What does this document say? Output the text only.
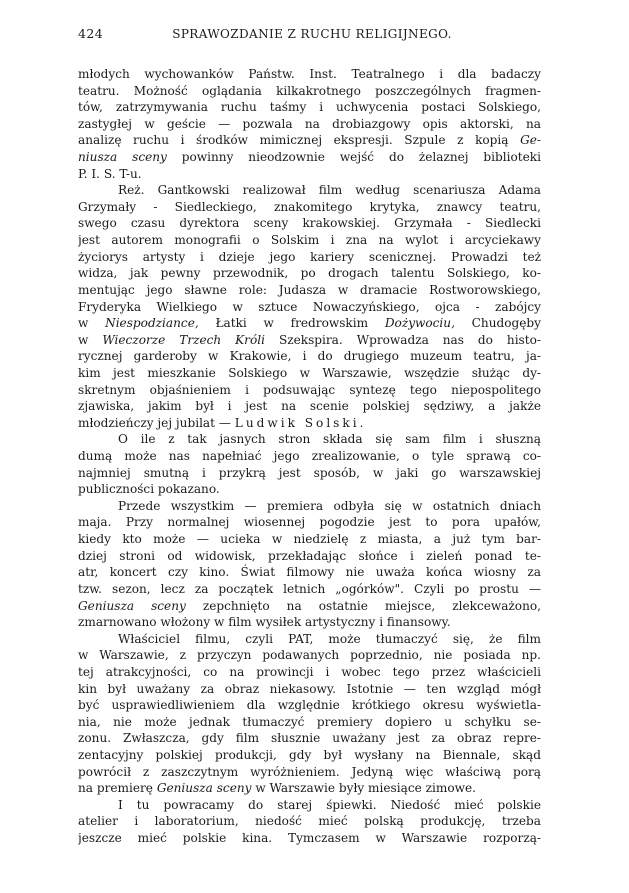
424	SPRAWOZDANIE Z RUCHU RELIGIJNEGO.
młodych wychowanków Państw. Inst. Teatralnego i dla badaczy
teatru. Możność oglądania kilkakrotnego poszczególnych fragmen-
tów, zatrzymywania ruchu taśmy i uchwycenia postaci Solskiego,
zastygłej w geście — pozwala na drobiazgowy opis aktorski, na
analizę ruchu i środków mimicznej ekspresji. Szpule z kopią Ge-
niusza sceny powinny nieodzownie wejść do żelaznej biblioteki
P. I. S. T-u.
Reż. Gantkowski realizował film według scenariusza Adama
Grzymały - Siedleckiego, znakomitego krytyka, znawcy teatru,
swego czasu dyrektora sceny krakowskiej. Grzymała - Siedlecki
jest autorem monografii o Solskim i zna na wylot i arcyciekawy
życiorys artysty i dzieje jego kariery scenicznej. Prowadzi też
widza, jak pewny przewodnik, po drogach talentu Solskiego, ko-
mentując jego sławne role: Judasza w dramacie Rostworowskiego,
Fryderyka Wielkiego w sztuce Nowaczyńskiego, ojca - zabójcy
w Niespodziance, Łatki w fredrowskim Dożywociu, Chudogęby
w Wieczorze Trzech Króli Szekspira. Wprowadza nas do histo-
rycznej garderoby w Krakowie, i do drugiego muzeum teatru, ja-
kim jest mieszkanie Solskiego w Warszawie, wszędzie służąc dy-
skretnym objaśnieniem i podsuwając syntezę tego niepospolitego
zjawiska, jakim był i jest na scenie polskiej sędziwy, a jakże
młodzieńczy jej jubilat — Ludwik Solski.
O ile z tak jasnych stron składa się sam film i słuszną
dumą może nas napełniać jego zrealizowanie, o tyle sprawą co-
najmniej smutną i przykrą jest sposób, w jaki go warszawskiej
publiczności pokazano.
Przede wszystkim — premiera odbyła się w ostatnich dniach
maja. Przy normalnej wiosennej pogodzie jest to pora upałów,
kiedy kto może — ucieka w niedzielę z miasta, a już tym bar-
dziej stroni od widowisk, przekładając słońce i zieleń ponad te-
atr, koncert czy kino. Świat filmowy nie uważa końca wiosny za
tzw. sezon, lecz za początek letnich „ogórków". Czyli po prostu —
Geniusza sceny zepchnięto na ostatnie miejsce, zlekceważono,
zmarnowano włożony w film wysiłek artystyczny i finansowy.
Właściciel filmu, czyli PAT, może tłumaczyć się, że film
w Warszawie, z przyczyn podawanych poprzednio, nie posiada np.
tej atrakcyjności, co na prowincji i wobec tego przez właścicieli
kin był uważany za obraz niekasowy. Istotnie — ten wzgląd mógł
być usprawiedliwieniem dla względnie krótkiego okresu wyświetla-
nia, nie może jednak tłumaczyć premiery dopiero u schyłku se-
zonu. Zwłaszcza, gdy film słusznie uważany jest za obraz repre-
zentacyjny polskiej produkcji, gdy był wysłany na Biennale, skąd
powrócił z zaszczytnym wyróżnieniem. Jedyną więc właściwą porą
na premierę Geniusza sceny w Warszawie były miesiące zimowe.
I tu powracamy do starej śpiewki. Niedość mieć polskie
atelier i laboratorium, niedość mieć polską produkcję, trzeba
jeszcze mieć polskie kina. Tymczasem w Warszawie rozporzą-
